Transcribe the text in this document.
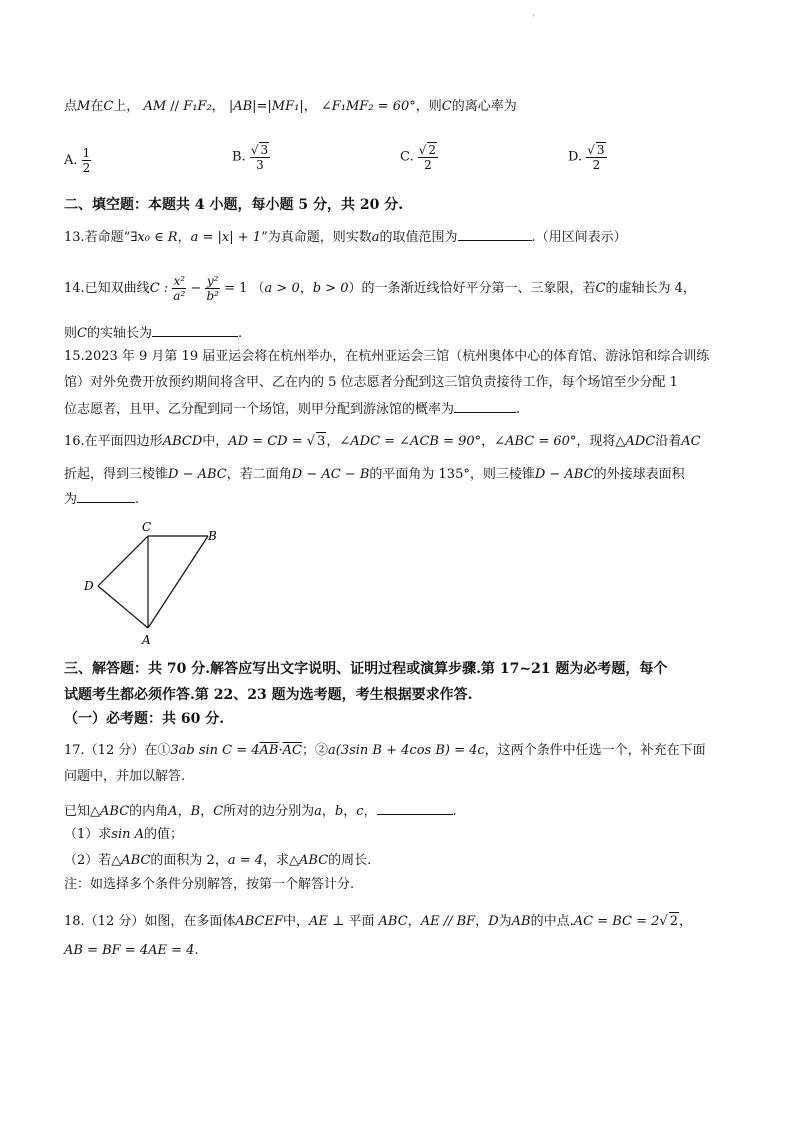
'
点M在C上， AM // F₁F₂， |AB|=|MF₁|， ∠F₁MF₂ = 60°，则C的离心率为
A. $\frac{1}{2}$	B. $\frac{√ 3}{3}$	C. $\frac{√ 2}{2}$	D. $\frac{√ 3}{2}$
二、填空题：本题共 4 小题，每小题 5 分，共 20 分.
13.若命题“∃x₀ ∈ R，a = |x| + 1”为真命题，则实数a的取值范围为	.（用区间表示）
14.已知双曲线C : $\frac{\text{x²}}{\text{a²}} - \frac{\text{y²}}{\text{b²}} = 1$ （a > 0，b > 0）的一条渐近线恰好平分第一、三象限，若C的虚轴长为 4，
则C的实轴长为	.
15.2023 年 9 月第 19 届亚运会将在杭州举办，在杭州亚运会三馆（杭州奥体中心的体育馆、游泳馆和综合训练
馆）对外免费开放预约期间将含甲、乙在内的 5 位志愿者分配到这三馆负责接待工作，每个场馆至少分配 1
位志愿者，且甲、乙分配到同一个场馆，则甲分配到游泳馆的概率为	.
16.在平面四边形ABCD中，AD = CD = √ 3，∠ADC = ∠ACB = 90°，∠ABC = 60°，现将△ADC沿着AC
折起，得到三棱锥D − ABC，若二面角D − AC − B的平面角为 135°，则三棱锥D − ABC的外接球表面积
为	.
C
B
D
A
三、解答题：共 70 分.解答应写出文字说明、证明过程或演算步骤.第 17~21 题为必考题，每个
试题考生都必须作答.第 22、23 题为选考题，考生根据要求作答.
（一）必考题：共 60 分.
17.（12 分）在①3ab $\sin C = 4\overline{AB}\cdot\overline{AC}$；②a(3sin B + 4cos B) = 4c，这两个条件中任选一个，补充在下面
问题中，并加以解答.
已知△ABC的内角A，B，C所对的边分别为a，b，c，	.
（1）求sin A的值；
（2）若△ABC的面积为 2，a = 4，求△ABC的周长.
注：如选择多个条件分别解答，按第一个解答计分.
18.（12 分）如图，在多面体ABCEF中，AE ⊥ 平面 ABC，AE // BF，D为AB的中点.AC = BC = 2√ 2，
AB = BF = 4AE = 4.
